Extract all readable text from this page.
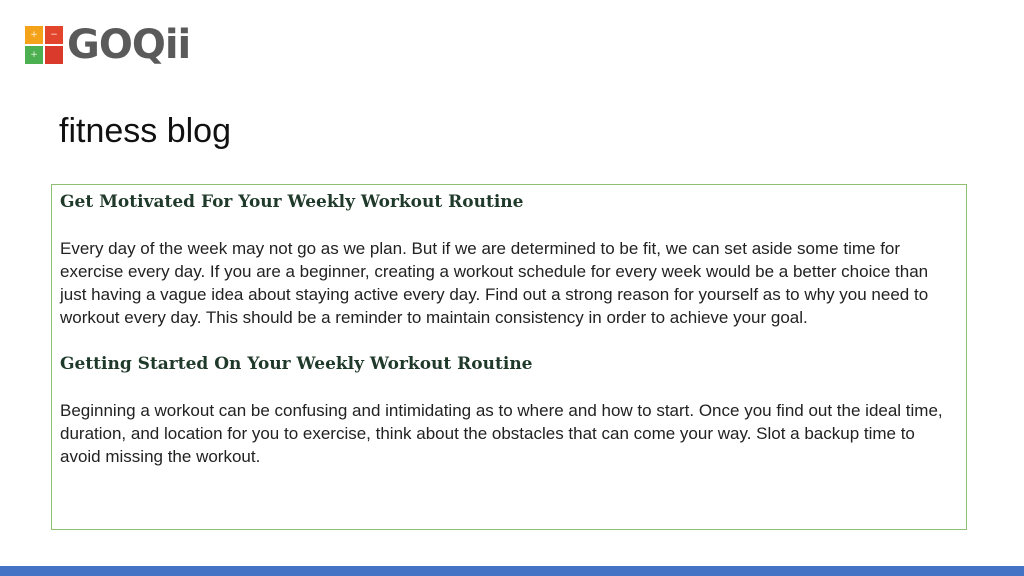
+	−
+ GOQii
fitness blog
Get Motivated For Your Weekly Workout Routine

Every day of the week may not go as we plan. But if we are determined to be fit, we can set aside some time for exercise every day. If you are a beginner, creating a workout schedule for every week would be a better choice than just having a vague idea about staying active every day. Find out a strong reason for yourself as to why you need to workout every day. This should be a reminder to maintain consistency in order to achieve your goal.

Getting Started On Your Weekly Workout Routine

Beginning a workout can be confusing and intimidating as to where and how to start. Once you find out the ideal time, duration, and location for you to exercise, think about the obstacles that can come your way. Slot a backup time to avoid missing the workout.
